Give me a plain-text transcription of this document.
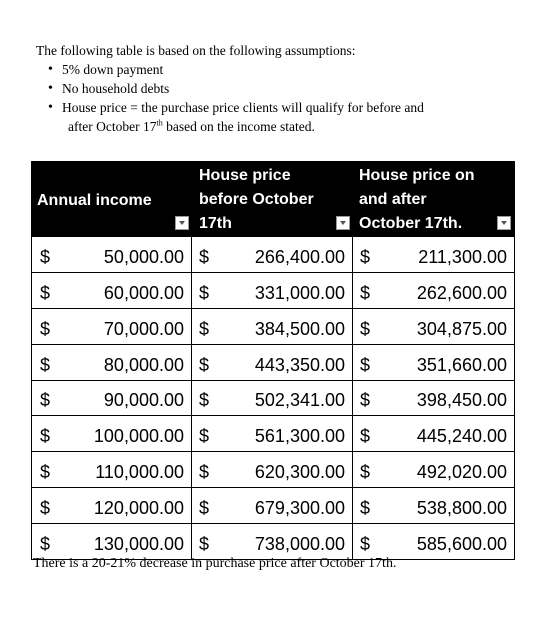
The following table is based on the following assumptions:
• 5% down payment
• No household debts
• House price = the purchase price clients will qualify for before and
after October 17th based on the income stated.
Annual income
House price
before October
17th
House price on
and after
October 17th.
$	50,000.00 $	266,400.00 $	211,300.00
$	60,000.00 $	331,000.00 $	262,600.00
$	70,000.00 $	384,500.00 $	304,875.00
$	80,000.00 $	443,350.00 $	351,660.00
$	90,000.00 $	502,341.00 $	398,450.00
$ 100,000.00 $	561,300.00 $	445,240.00
$	110,000.00 $	620,300.00 $	492,020.00
$ 120,000.00 $	679,300.00 $	538,800.00
$ 130,000.00 $	738,000.00 $	585,600.00
There is a 20-21% decrease in purchase price after October 17th.
